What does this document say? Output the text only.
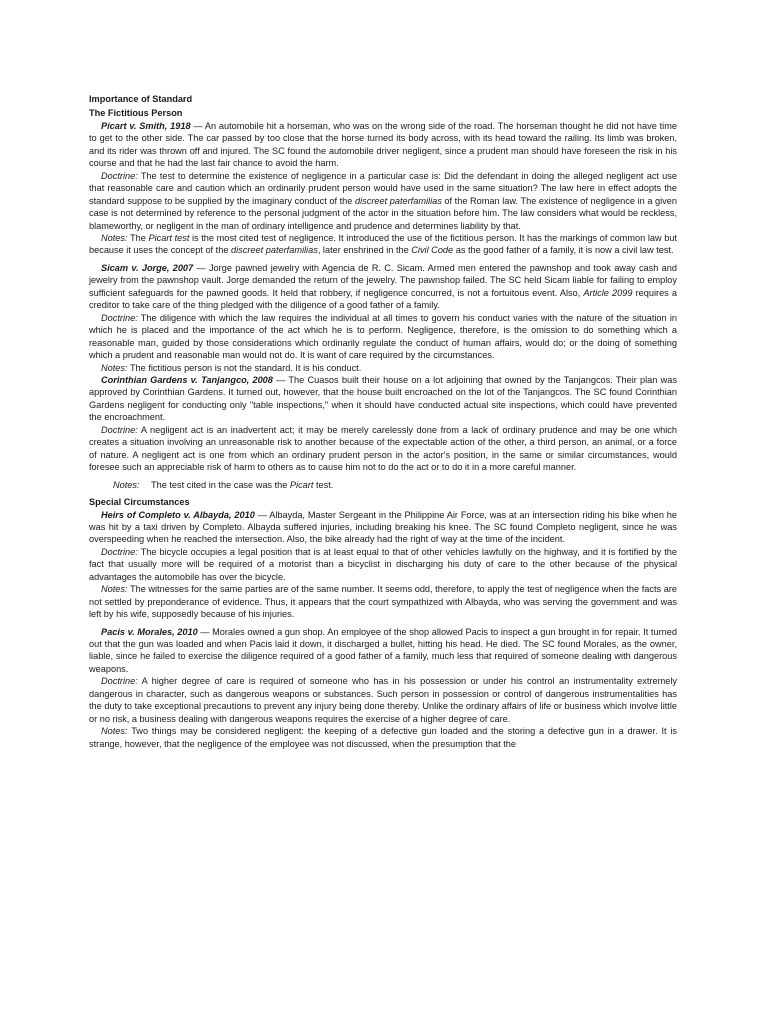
Importance of Standard
The Fictitious Person

Picart v. Smith, 1918 — An automobile hit a horseman, who was on the wrong side of the road. The horseman thought he did not have time to get to the other side. The car passed by too close that the horse turned its body across, with its head toward the railing. Its limb was broken, and its rider was thrown off and injured. The SC found the automobile driver negligent, since a prudent man should have foreseen the risk in his course and that he had the last fair chance to avoid the harm.

Doctrine: The test to determine the existence of negligence in a particular case is: Did the defendant in doing the alleged negligent act use that reasonable care and caution which an ordinarily prudent person would have used in the same situation? The law here in effect adopts the standard suppose to be supplied by the imaginary conduct of the discreet paterfamilias of the Roman law. The existence of negligence in a given case is not determined by reference to the personal judgment of the actor in the situation before him. The law considers what would be reckless, blameworthy, or negligent in the man of ordinary intelligence and prudence and determines liability by that.

Notes: The Picart test is the most cited test of negligence. It introduced the use of the fictitious person. It has the markings of common law but because it uses the concept of the discreet paterfamilias, later enshrined in the Civil Code as the good father of a family, it is now a civil law test.

Sicam v. Jorge, 2007 — Jorge pawned jewelry with Agencia de R. C. Sicam. Armed men entered the pawnshop and took away cash and jewelry from the pawnshop vault. Jorge demanded the return of the jewelry. The pawnshop failed. The SC held Sicam liable for failing to employ sufficient safeguards for the pawned goods. It held that robbery, if negligence concurred, is not a fortuitous event. Also, Article 2099 requires a creditor to take care of the thing pledged with the diligence of a good father of a family.

Doctrine: The diligence with which the law requires the individual at all times to govern his conduct varies with the nature of the situation in which he is placed and the importance of the act which he is to perform. Negligence, therefore, is the omission to do something which a reasonable man, guided by those considerations which ordinarily regulate the conduct of human affairs, would do; or the doing of something which a prudent and reasonable man would not do. It is want of care required by the circumstances.

Notes: The fictitious person is not the standard. It is his conduct.

Corinthian Gardens v. Tanjangco, 2008 — The Cuasos built their house on a lot adjoining that owned by the Tanjangcos. Their plan was approved by Corinthian Gardens. It turned out, however, that the house built encroached on the lot of the Tanjangcos. The SC found Corinthian Gardens negligent for conducting only "table inspections," when it should have conducted actual site inspections, which could have prevented the encroachment.

Doctrine: A negligent act is an inadvertent act; it may be merely carelessly done from a lack of ordinary prudence and may be one which creates a situation involving an unreasonable risk to another because of the expectable action of the other, a third person, an animal, or a force of nature. A negligent act is one from which an ordinary prudent person in the actor's position, in the same or similar circumstances, would foresee such an appreciable risk of harm to others as to cause him not to do the act or to do it in a more careful manner.

Notes: The test cited in the case was the Picart test.

Special Circumstances

Heirs of Completo v. Albayda, 2010 — Albayda, Master Sergeant in the Philippine Air Force, was at an intersection riding his bike when he was hit by a taxi driven by Completo. Albayda suffered injuries, including breaking his knee. The SC found Completo negligent, since he was overspeeding when he reached the intersection. Also, the bike already had the right of way at the time of the incident.

Doctrine: The bicycle occupies a legal position that is at least equal to that of other vehicles lawfully on the highway, and it is fortified by the fact that usually more will be required of a motorist than a bicyclist in discharging his duty of care to the other because of the physical advantages the automobile has over the bicycle.

Notes: The witnesses for the same parties are of the same number. It seems odd, therefore, to apply the test of negligence when the facts are not settled by preponderance of evidence. Thus, it appears that the court sympathized with Albayda, who was serving the government and was left by his wife, supposedly because of his injuries.

Pacis v. Morales, 2010 — Morales owned a gun shop. An employee of the shop allowed Pacis to inspect a gun brought in for repair. It turned out that the gun was loaded and when Pacis laid it down, it discharged a bullet, hitting his head. He died. The SC found Morales, as the owner, liable, since he failed to exercise the diligence required of a good father of a family, much less that required of someone dealing with dangerous weapons.

Doctrine: A higher degree of care is required of someone who has in his possession or under his control an instrumentality extremely dangerous in character, such as dangerous weapons or substances. Such person in possession or control of dangerous instrumentalities has the duty to take exceptional precautions to prevent any injury being done thereby. Unlike the ordinary affairs of life or business which involve little or no risk, a business dealing with dangerous weapons requires the exercise of a higher degree of care.

Notes: Two things may be considered negligent: the keeping of a defective gun loaded and the storing a defective gun in a drawer. It is strange, however, that the negligence of the employee was not discussed, when the presumption that the
